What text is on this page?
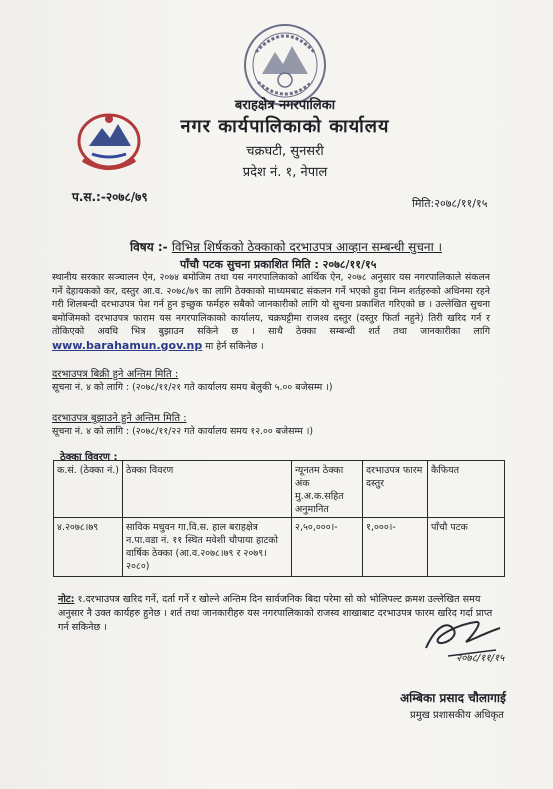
बराहक्षेत्र नगरपालिका
नगर कार्यपालिकाको कार्यालय
चक्रघटी, सुनसरी
प्रदेश नं. १, नेपाल
प.स.:-२०७८/७९	मिति:२०७८/११/१५
विषय :- विभिन्न शिर्षकको ठेक्काको दरभाउपत्र आव्हान सम्बन्धी सुचना ।
पाँचौ पटक सुचना प्रकाशित मिति : २०७८/११/१५
स्थानीय सरकार सञ्चालन ऐन, २०७४ बमोजिम तथा यस नगरपालिकाको आर्थिक ऐन, २०७८ अनुसार यस नगरपालिकाले संकलन गर्ने देहायकको कर, दस्तुर आ.व. २०७८/७९ का लागि ठेक्काको माध्यमबाट संकलन गर्ने भएको हुदा निम्न शर्तहरुको अधिनमा रहने गरी शिलबन्दी दरभाउपत्र पेश गर्न हुन इच्छुक फर्महरु सबैको जानकारीको लागि यो सुचना प्रकाशित गरिएको छ । उल्लेखित सुचना बमोजिमको दरभाउपत्र फाराम यस नगरपालिकाको कार्यालय, चक्रघट्टीमा राजश्व दस्तुर (दस्तुर फिर्ता नहुने) तिरी खरिद गर्न र तोकिएको अवधि भित्र बुझाउन सकिने छ । साथै ठेक्का सम्बन्धी शर्त तथा जानकारीका लागि www.barahamun.gov.np मा हेर्न सकिनेछ ।
दरभाउपत्र बिक्री हुने अन्तिम मिति :
सूचना नं. ४ को लागि : (२०७८/११/२१ गते कार्यालय समय बेलुकी ५.०० बजेसम्म ।)
दरभाउपत्र बुझाउने हुने अन्तिम मिति :
सूचना नं. ४ को लागि : (२०७८/११/२२ गते कार्यालय समय १२.०० बजेसम्म ।)
ठेक्का विवरण :
क.सं. (ठेक्का नं.)	ठेक्का विवरण	न्यूनतम ठेक्का अंक मु.अ.क.सहित अनुमानित	दरभाउपत्र फारम दस्तुर	कैफियत
४.२०७८।७९	साविक मधुवन गा.वि.स. हाल बराहक्षेत्र न.पा.वडा नं. ११ स्थित मवेशी चौपाया हाटको वार्षिक ठेक्का (आ.व.२०७८।७९ र २०७९।२०८०)	२,५०,०००।-	१,०००।-	पाँचौ पटक
नोट: १.दरभाउपत्र खरिद गर्ने, दर्ता गर्ने र खोल्ने अन्तिम दिन सार्वजनिक बिदा परेमा सो को भोलिपल्ट क्रमश उल्लेखित समय अनुसार नै उक्त कार्यहरु हुनेछ । शर्त तथा जानकारीहरु यस नगरपालिकाको राजस्व शाखाबाट दरभाउपत्र फारम खरिद गर्दा प्राप्त गर्न सकिनेछ ।
२०७८/११/१५
अम्बिका प्रसाद चौलागाई
प्रमुख प्रशासकीय अधिकृत
